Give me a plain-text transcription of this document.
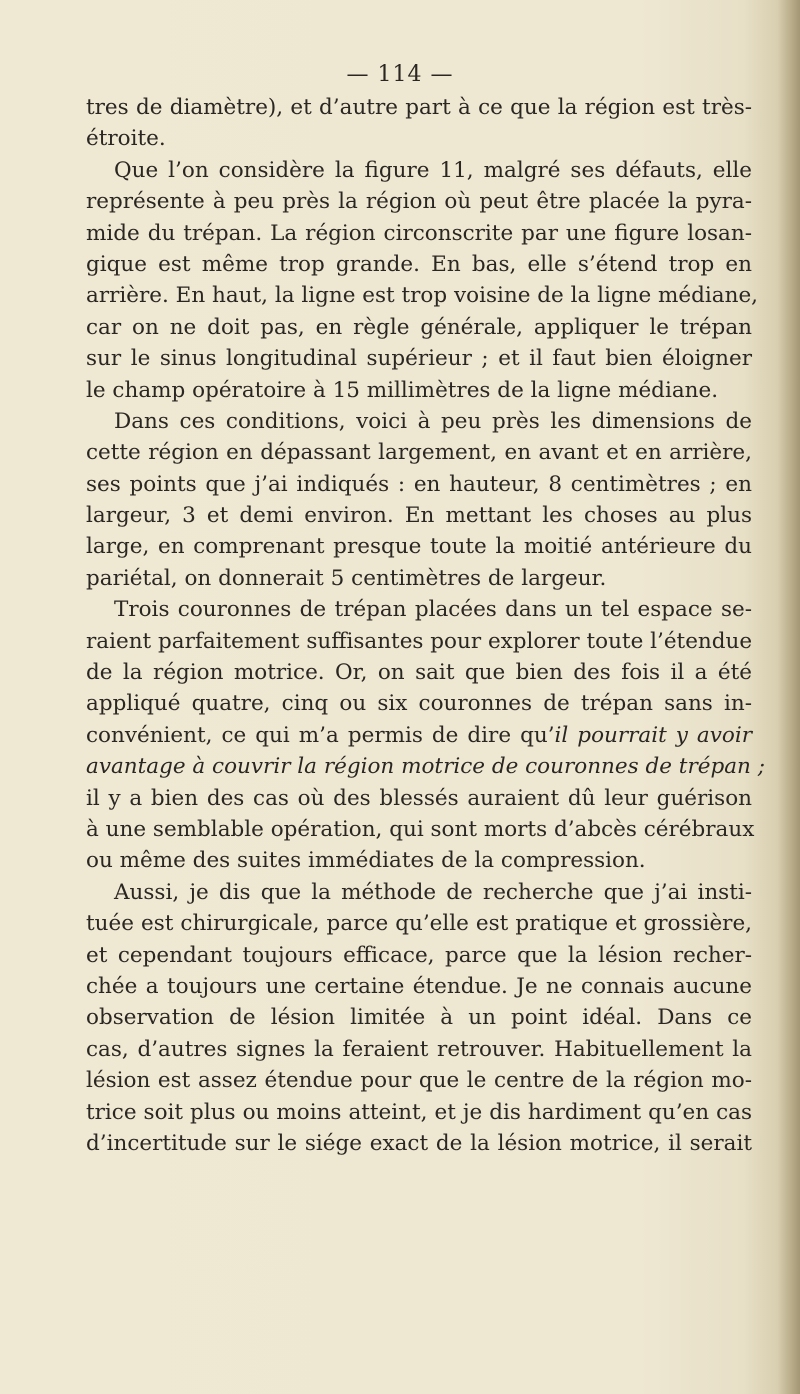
— 114 —
tres de diamètre), et d’autre part à ce que la région est très-
étroite.
Que l’on considère la figure 11, malgré ses défauts, elle
représente à peu près la région où peut être placée la pyra-
mide du trépan. La région circonscrite par une figure losan-
gique est même trop grande. En bas, elle s’étend trop en
arrière. En haut, la ligne est trop voisine de la ligne médiane,
car on ne doit pas, en règle générale, appliquer le trépan
sur le sinus longitudinal supérieur ; et il faut bien éloigner
le champ opératoire à 15 millimètres de la ligne médiane.
Dans ces conditions, voici à peu près les dimensions de
cette région en dépassant largement, en avant et en arrière,
ses points que j’ai indiqués : en hauteur, 8 centimètres ; en
largeur, 3 et demi environ. En mettant les choses au plus
large, en comprenant presque toute la moitié antérieure du
pariétal, on donnerait 5 centimètres de largeur.
Trois couronnes de trépan placées dans un tel espace se-
raient parfaitement suffisantes pour explorer toute l’étendue
de la région motrice. Or, on sait que bien des fois il a été
appliqué quatre, cinq ou six couronnes de trépan sans in-
convénient, ce qui m’a permis de dire qu’il pourrait y avoir
avantage à couvrir la région motrice de couronnes de trépan ;
il y a bien des cas où des blessés auraient dû leur guérison
à une semblable opération, qui sont morts d’abcès cérébraux
ou même des suites immédiates de la compression.
Aussi, je dis que la méthode de recherche que j’ai insti-
tuée est chirurgicale, parce qu’elle est pratique et grossière,
et cependant toujours efficace, parce que la lésion recher-
chée a toujours une certaine étendue. Je ne connais aucune
observation de lésion limitée à un point idéal. Dans ce
cas, d’autres signes la feraient retrouver. Habituellement la
lésion est assez étendue pour que le centre de la région mo-
trice soit plus ou moins atteint, et je dis hardiment qu’en cas
d’incertitude sur le siége exact de la lésion motrice, il serait
